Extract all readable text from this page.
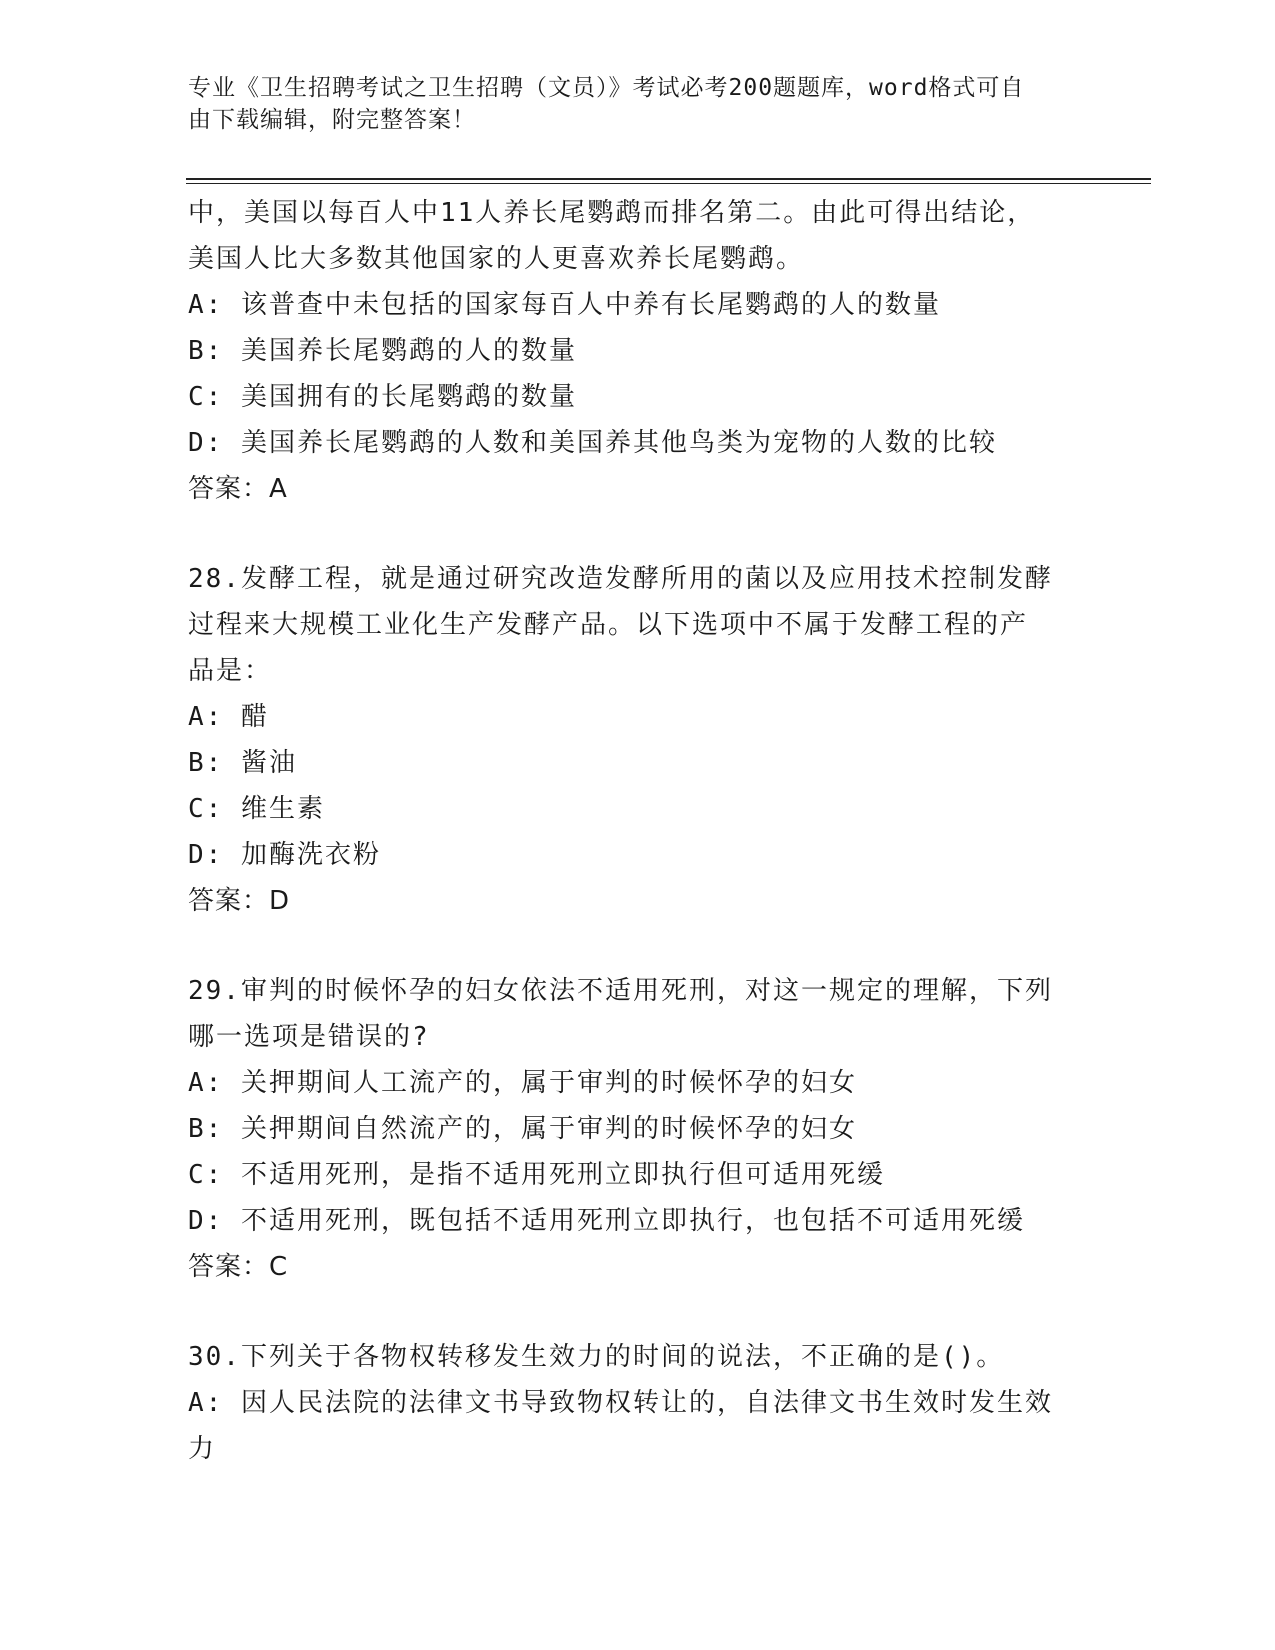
专业《卫生招聘考试之卫生招聘（文员）》考试必考200题题库，word格式可自
由下载编辑，附完整答案！
中，美国以每百人中11人养长尾鹦鹉而排名第二。由此可得出结论，
美国人比大多数其他国家的人更喜欢养长尾鹦鹉。
A: 该普查中未包括的国家每百人中养有长尾鹦鹉的人的数量
B: 美国养长尾鹦鹉的人的数量
C: 美国拥有的长尾鹦鹉的数量
D: 美国养长尾鹦鹉的人数和美国养其他鸟类为宠物的人数的比较
答案：A
28.发酵工程，就是通过研究改造发酵所用的菌以及应用技术控制发酵
过程来大规模工业化生产发酵产品。以下选项中不属于发酵工程的产
品是：
A: 醋
B: 酱油
C: 维生素
D: 加酶洗衣粉
答案：D
29.审判的时候怀孕的妇女依法不适用死刑，对这一规定的理解，下列
哪一选项是错误的?
A: 关押期间人工流产的，属于审判的时候怀孕的妇女
B: 关押期间自然流产的，属于审判的时候怀孕的妇女
C: 不适用死刑，是指不适用死刑立即执行但可适用死缓
D: 不适用死刑，既包括不适用死刑立即执行，也包括不可适用死缓
答案：C
30.下列关于各物权转移发生效力的时间的说法，不正确的是()。
A: 因人民法院的法律文书导致物权转让的，自法律文书生效时发生效
力
